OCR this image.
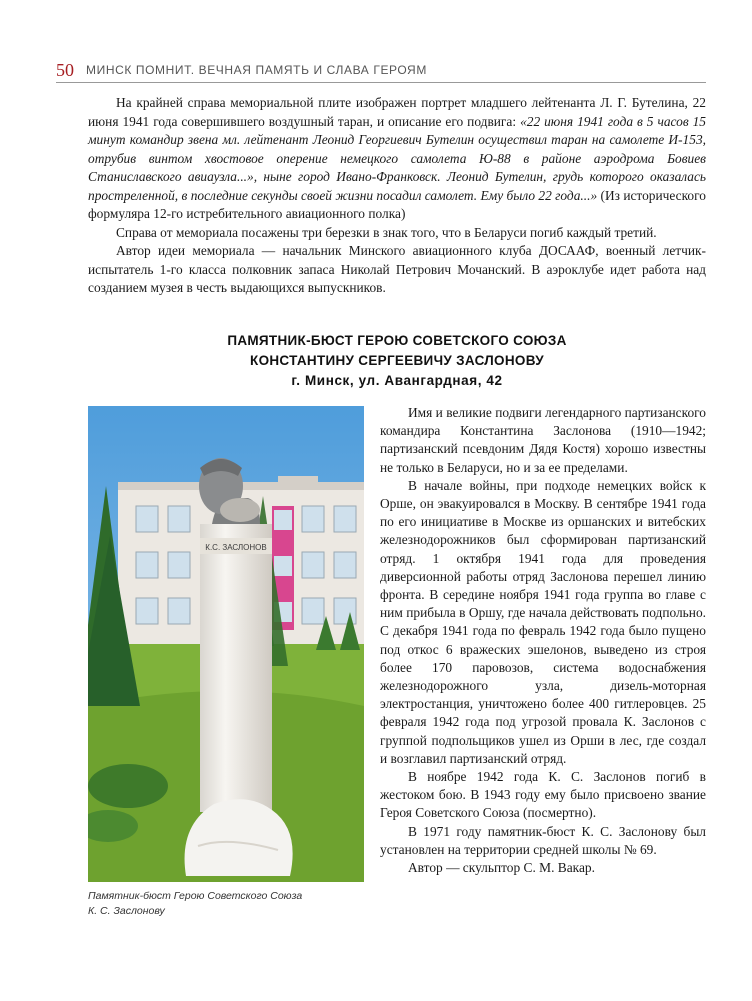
50 МИНСК ПОМНИТ. ВЕЧНАЯ ПАМЯТЬ И СЛАВА ГЕРОЯМ

На крайней справа мемориальной плите изображен портрет младшего лейтенанта Л. Г. Бутелина, 22 июня 1941 года совершившего воздушный таран, и описание его подвига: «22 июня 1941 года в 5 часов 15 минут командир звена мл. лейтенант Леонид Георгиевич Бутелин осуществил таран на самолете И-153, отрубив винтом хвостовое оперение немецкого самолета Ю-88 в районе аэродрома Бовиев Станиславского авиаузла...», ныне город Ивано-Франковск. Леонид Бутелин, грудь которого оказалась простреленной, в последние секунды своей жизни посадил самолет. Ему было 22 года...» (Из исторического формуляра 12-го истребительного авиационного полка)

Справа от мемориала посажены три березки в знак того, что в Беларуси погиб каждый третий.

Автор идеи мемориала — начальник Минского авиационного клуба ДОСААФ, военный летчик-испытатель 1-го класса полковник запаса Николай Петрович Мочанский. В аэроклубе идет работа над созданием музея в честь выдающихся выпускников.

ПАМЯТНИК-БЮСТ ГЕРОЮ СОВЕТСКОГО СОЮЗА
КОНСТАНТИНУ СЕРГЕЕВИЧУ ЗАСЛОНОВУ
г. Минск, ул. Авангардная, 42
К.С. ЗАСЛОНОВ
Памятник-бюст Герою Советского Союза
К. С. Заслонову

Имя и великие подвиги легендарного партизанского командира Константина Заслонова (1910—1942; партизанский псевдоним Дядя Костя) хорошо известны не только в Беларуси, но и за ее пределами.

В начале войны, при подходе немецких войск к Орше, он эвакуировался в Москву. В сентябре 1941 года по его инициативе в Москве из оршанских и витебских железнодорожников был сформирован партизанский отряд. 1 октября 1941 года для проведения диверсионной работы отряд Заслонова перешел линию фронта. В середине ноября 1941 года группа во главе с ним прибыла в Оршу, где начала действовать подпольно. С декабря 1941 года по февраль 1942 года было пущено под откос 6 вражеских эшелонов, выведено из строя более 170 паровозов, система водоснабжения железнодорожного узла, дизель-моторная электростанция, уничтожено более 400 гитлеровцев. 25 февраля 1942 года под угрозой провала К. Заслонов с группой подпольщиков ушел из Орши в лес, где создал и возглавил партизанский отряд.

В ноябре 1942 года К. С. Заслонов погиб в жестоком бою. В 1943 году ему было присвоено звание Героя Советского Союза (посмертно).

В 1971 году памятник-бюст К. С. Заслонову был установлен на территории средней школы № 69.

Автор — скульптор С. М. Вакар.
